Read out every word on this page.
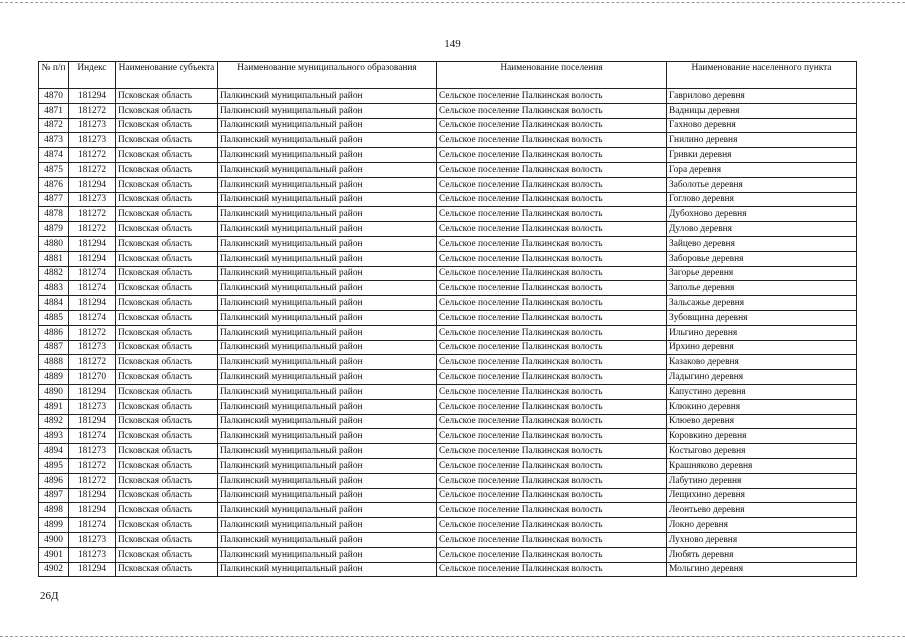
149
№ п/п	Индекс	Наименование субъекта	Наименование муниципального образования	Наименование поселения	Наименование населенного пункта
4870	181294	Псковская область	Палкинский муниципальный район	Сельское поселение Палкинская волость	Гаврилово деревня
4871	181272	Псковская область	Палкинский муниципальный район	Сельское поселение Палкинская волость	Вадницы деревня
4872	181273	Псковская область	Палкинский муниципальный район	Сельское поселение Палкинская волость	Гахново деревня
4873	181273	Псковская область	Палкинский муниципальный район	Сельское поселение Палкинская волость	Гнилино деревня
4874	181272	Псковская область	Палкинский муниципальный район	Сельское поселение Палкинская волость	Гривки деревня
4875	181272	Псковская область	Палкинский муниципальный район	Сельское поселение Палкинская волость	Гора деревня
4876	181294	Псковская область	Палкинский муниципальный район	Сельское поселение Палкинская волость	Заболотье деревня
4877	181273	Псковская область	Палкинский муниципальный район	Сельское поселение Палкинская волость	Гоглово деревня
4878	181272	Псковская область	Палкинский муниципальный район	Сельское поселение Палкинская волость	Дубохново деревня
4879	181272	Псковская область	Палкинский муниципальный район	Сельское поселение Палкинская волость	Дулово деревня
4880	181294	Псковская область	Палкинский муниципальный район	Сельское поселение Палкинская волость	Зайцево деревня
4881	181294	Псковская область	Палкинский муниципальный район	Сельское поселение Палкинская волость	Заборовье деревня
4882	181274	Псковская область	Палкинский муниципальный район	Сельское поселение Палкинская волость	Загорье деревня
4883	181274	Псковская область	Палкинский муниципальный район	Сельское поселение Палкинская волость	Заполье деревня
4884	181294	Псковская область	Палкинский муниципальный район	Сельское поселение Палкинская волость	Зальсажье деревня
4885	181274	Псковская область	Палкинский муниципальный район	Сельское поселение Палкинская волость	Зубовщина деревня
4886	181272	Псковская область	Палкинский муниципальный район	Сельское поселение Палкинская волость	Ильгино деревня
4887	181273	Псковская область	Палкинский муниципальный район	Сельское поселение Палкинская волость	Ирхино деревня
4888	181272	Псковская область	Палкинский муниципальный район	Сельское поселение Палкинская волость	Казаково деревня
4889	181270	Псковская область	Палкинский муниципальный район	Сельское поселение Палкинская волость	Ладыгино деревня
4890	181294	Псковская область	Палкинский муниципальный район	Сельское поселение Палкинская волость	Капустино деревня
4891	181273	Псковская область	Палкинский муниципальный район	Сельское поселение Палкинская волость	Клюкино деревня
4892	181294	Псковская область	Палкинский муниципальный район	Сельское поселение Палкинская волость	Клюево деревня
4893	181274	Псковская область	Палкинский муниципальный район	Сельское поселение Палкинская волость	Коровкино деревня
4894	181273	Псковская область	Палкинский муниципальный район	Сельское поселение Палкинская волость	Костыгово деревня
4895	181272	Псковская область	Палкинский муниципальный район	Сельское поселение Палкинская волость	Крашняково деревня
4896	181272	Псковская область	Палкинский муниципальный район	Сельское поселение Палкинская волость	Лабутино деревня
4897	181294	Псковская область	Палкинский муниципальный район	Сельское поселение Палкинская волость	Лещихино деревня
4898	181294	Псковская область	Палкинский муниципальный район	Сельское поселение Палкинская волость	Леонтьево деревня
4899	181274	Псковская область	Палкинский муниципальный район	Сельское поселение Палкинская волость	Локно деревня
4900	181273	Псковская область	Палкинский муниципальный район	Сельское поселение Палкинская волость	Лухново деревня
4901	181273	Псковская область	Палкинский муниципальный район	Сельское поселение Палкинская волость	Любять деревня
4902	181294	Псковская область	Палкинский муниципальный район	Сельское поселение Палкинская волость	Мольгино деревня
26Д
